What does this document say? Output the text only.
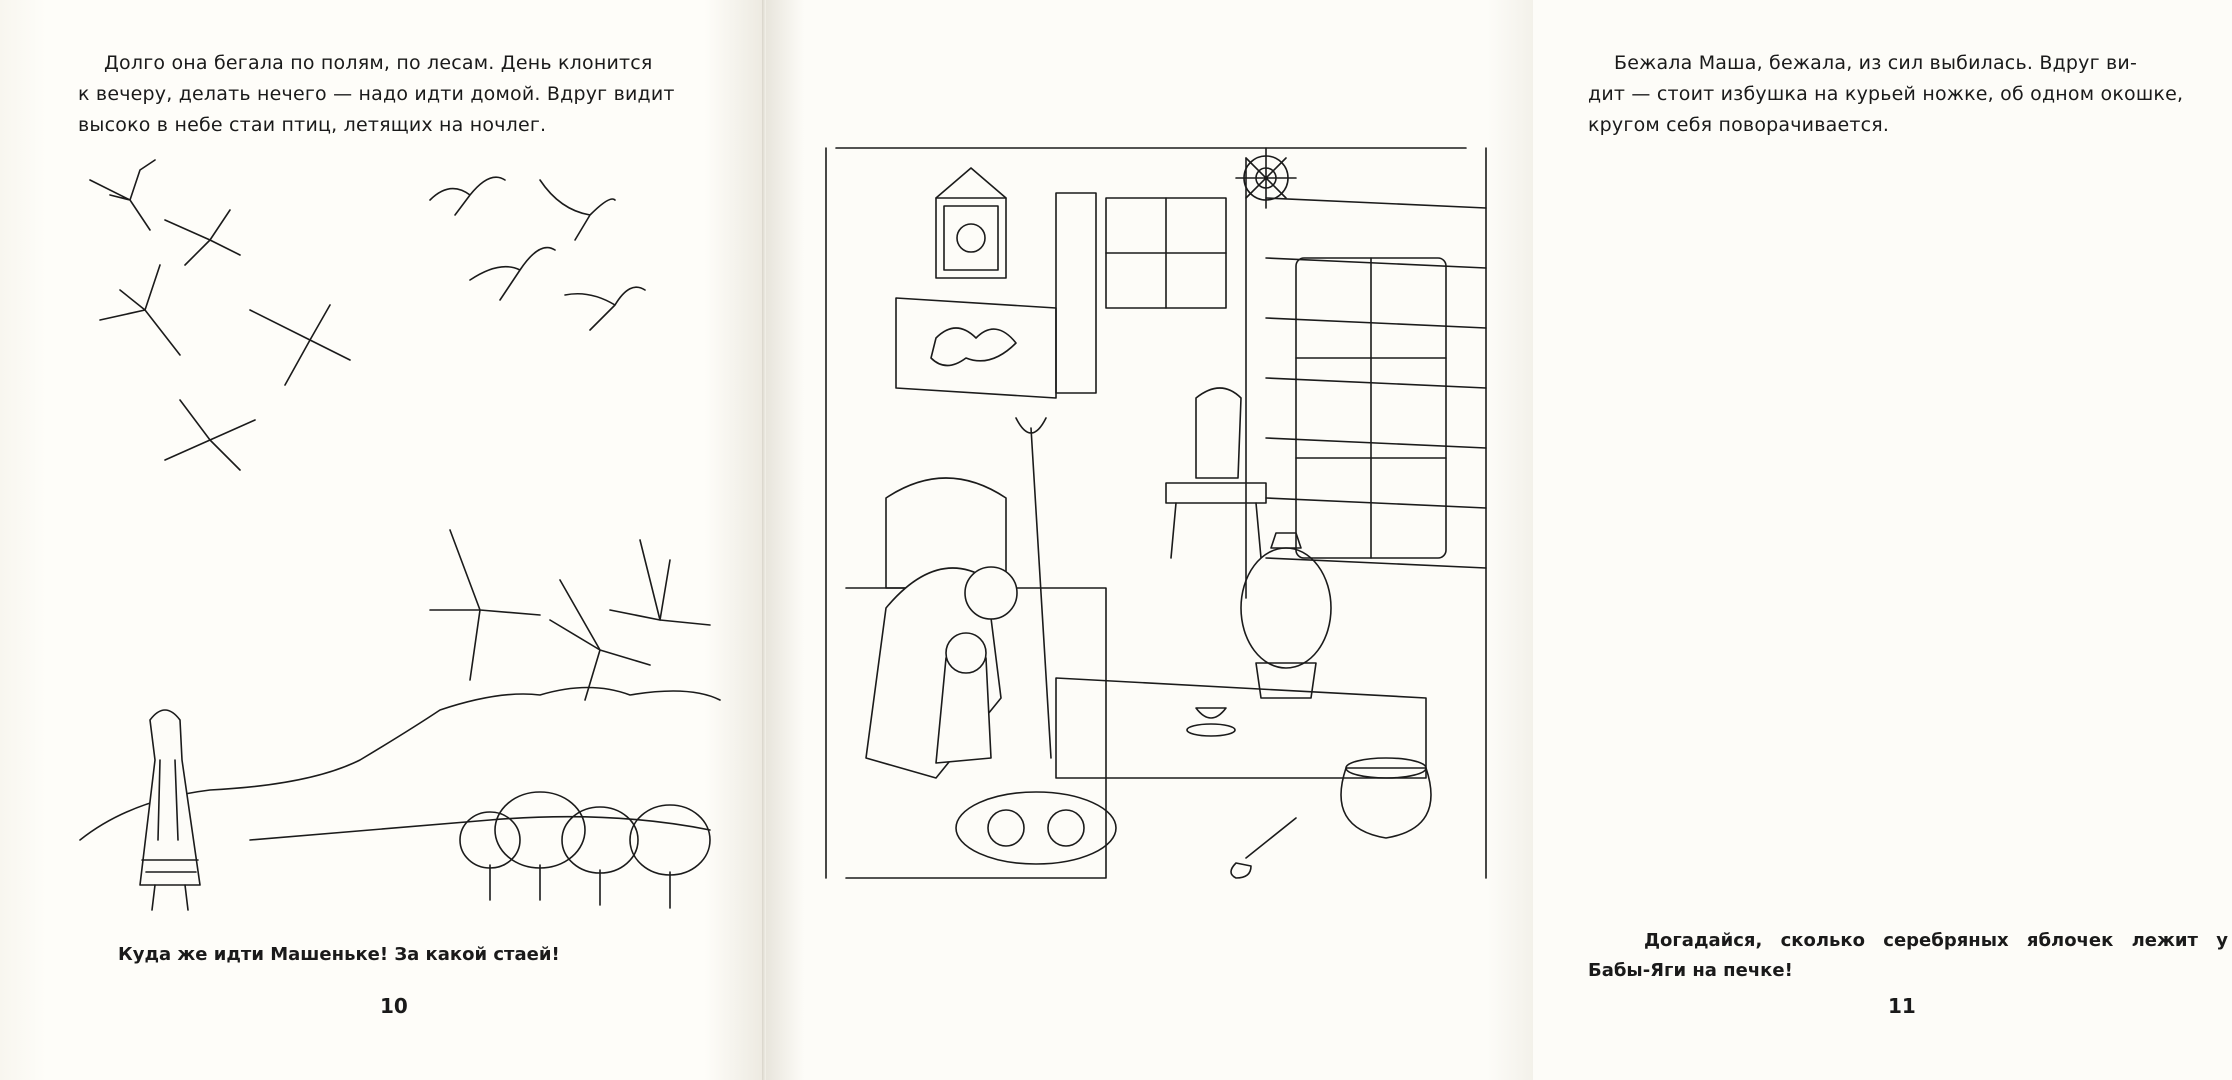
Долго она бегала по полям, по лесам. День клонится
к вечеру, делать нечего — надо идти домой. Вдруг видит
высоко в небе стаи птиц, летящих на ночлег.

Куда же идти Машеньке! За какой стаей!

10

Бежала Маша, бежала, из сил выбилась. Вдруг ви-
дит — стоит избушка на курьей ножке, об одном окошке,
кругом себя поворачивается.

Догадайся, сколько серебряных яблочек лежит у Бабы-Яги на печке!

11
